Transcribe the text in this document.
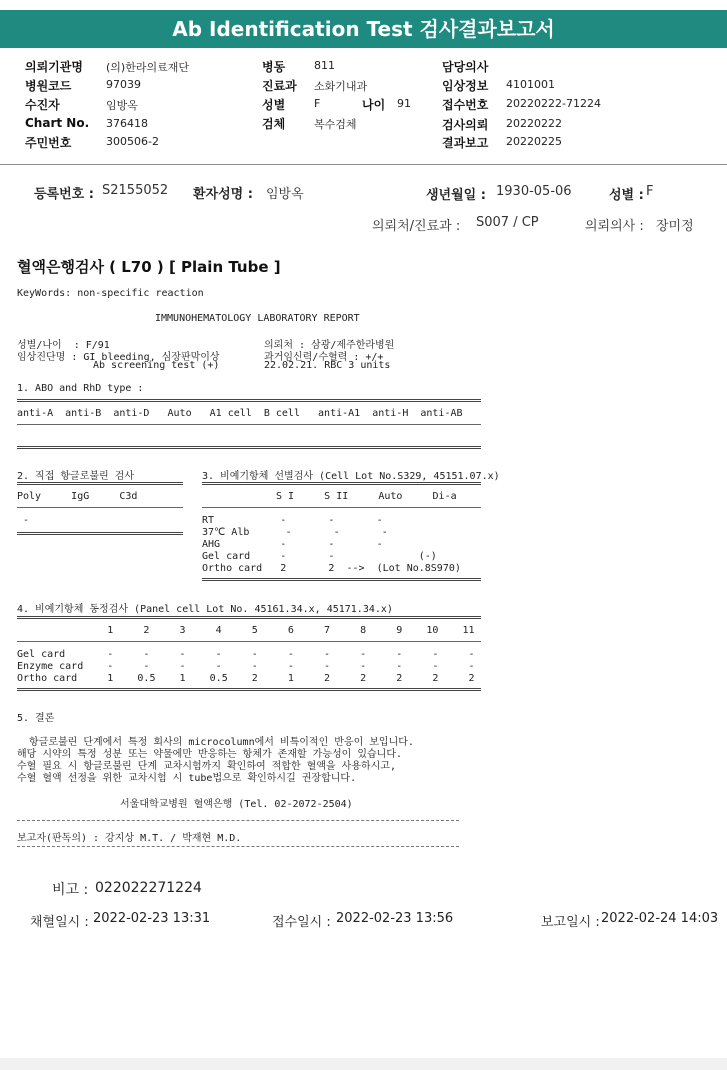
Ab Identification Test 검사결과보고서
의뢰기관명 (의)한라의료재단
병원코드	97039
수진자	임방옥
Chart No. 376418
주민번호	300506-2
병동	811
진료과 소화기내과
성별	F	나이 91
검체	복수검체
담당의사
임상정보 4101001
접수번호 20220222-71224
검사의뢰 20220222
결과보고 20220225
등록번호 : S2155052 환자성명 : 임방옥	생년월일 : 1930-05-06	성별 : F
의뢰처/진료과 : S007 / CP	의뢰의사 : 장미정
혈액은행검사 ( L70 ) [ Plain Tube ]
KeyWords: non-specific reaction
IMMUNOHEMATOLOGY LABORATORY REPORT
성별/나이  : F/91
임상진단명 : GI bleeding, 심장판막이상
Ab screening test (+)
의뢰처 : 삼광/제주한라병원
과거임신력/수혈력 : +/+
22.02.21. RBC 3 units
1. ABO and RhD type :
anti-A  anti-B  anti-D   Auto   A1 cell  B cell   anti-A1  anti-H  anti-AB
2. 직접 항글로불린 검사
Poly     IgG     C3d
-
3. 비예기항체 선별검사 (Cell Lot No.S329, 45151.07.x)
S I     S II     Auto     Di-a
RT           -       -       -
37℃ Alb      -       -       -
AHG          -       -       -
Gel card     -       -              (-)
Ortho card   2       2  -->  (Lot No.8S970)
4. 비예기항체 동정검사 (Panel cell Lot No. 45161.34.x, 45171.34.x)
1     2     3     4     5     6     7     8     9    10    11
Gel card       -     -     -     -     -     -     -     -     -     -     -
Enzyme card    -     -     -     -     -     -     -     -     -     -     -
Ortho card     1    0.5    1    0.5    2     1     2     2     2     2     2
5. 결론
항글로불린 단계에서 특정 회사의 microcolumn에서 비특이적인 반응이 보입니다.
해당 시약의 특정 성분 또는 약물에만 반응하는 항체가 존재할 가능성이 있습니다.
수혈 필요 시 항글로불린 단계 교차시험까지 확인하여 적합한 혈액을 사용하시고,
수혈 혈액 선정을 위한 교차시험 시 tube법으로 확인하시길 권장합니다.
서울대학교병원 혈액은행 (Tel. 02-2072-2504)
보고자(판독의) : 강지상 M.T. / 박재현 M.D.
비고 : 022022271224
채혈일시 : 2022-02-23 13:31	접수일시 : 2022-02-23 13:56	보고일시 : 2022-02-24 14:03
